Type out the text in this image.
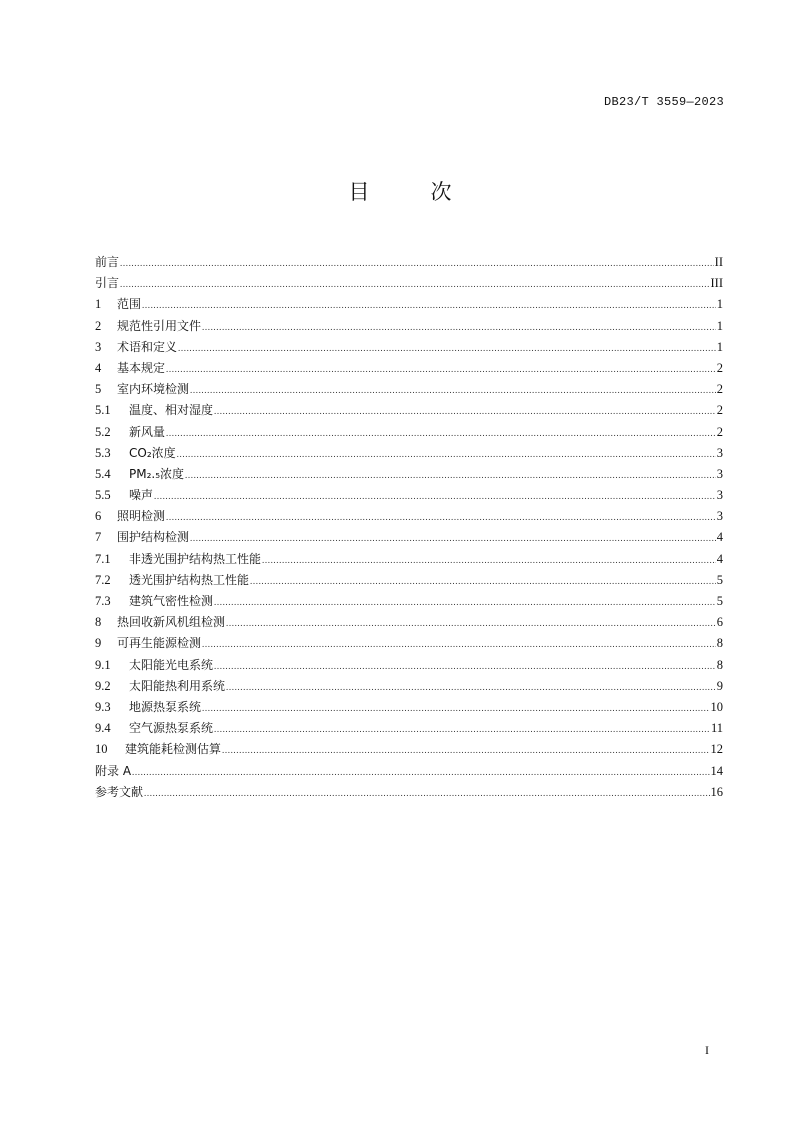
DB23/T 3559—2023
目　次
前言 .....	II
引言 .....	III
1	范围 .....	1
2	规范性引用文件 .....	1
3	术语和定义 .....	1
4	基本规定 .....	2
5	室内环境检测 .....	2
5.1	温度、相对湿度 .....	2
5.2	新风量 .....	2
5.3	CO₂浓度 .....	3
5.4	PM₂.₅浓度 .....	3
5.5	噪声 .....	3
6	照明检测 .....	3
7	围护结构检测 .....	4
7.1	非透光围护结构热工性能 .....	4
7.2	透光围护结构热工性能 .....	5
7.3	建筑气密性检测 .....	5
8	热回收新风机组检测 .....	6
9	可再生能源检测 .....	8
9.1	太阳能光电系统 .....	8
9.2	太阳能热利用系统 .....	9
9.3	地源热泵系统 .....	10
9.4	空气源热泵系统 .....	11
10	建筑能耗检测估算 .....	12
附录 A .....	14
参考文献 .....	16
I
